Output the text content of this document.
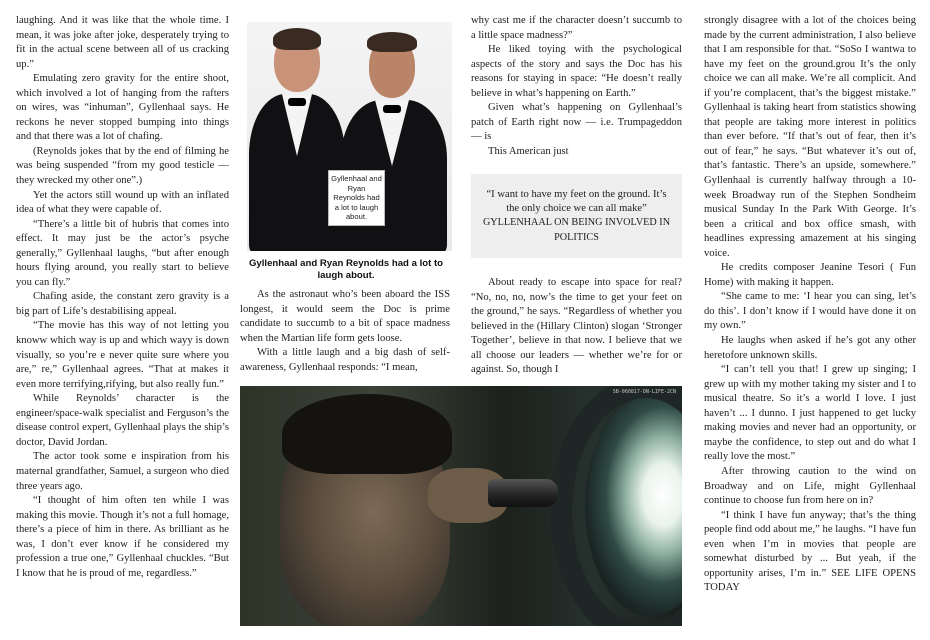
laughing. And it was like that the whole time. I mean, it was joke after joke, desperately trying to fit in the actual scene between all of us cracking up.”

Emulating zero gravity for the entire shoot, which involved a lot of hanging from the rafters on wires, was “inhuman”, Gyllenhaal says. He reckons he never stopped bumping into things and that there was a lot of chafing.

(Reynolds jokes that by the end of filming he was being suspended “from my good testicle — they wrecked my other one”.)

Yet the actors still wound up with an inflated idea of what they were capable of.

“There’s a little bit of hubris that comes into effect. It may just be the actor’s psyche generally,” Gyllenhaal laughs, “but after enough hours flying around, you really start to believe you can fly.”

Chafing aside, the constant zero gravity is a big part of Life’s destabilising appeal.

“The movie has this way of not letting you knoww which way is up and which wayy is down visually, so you’re e never quite sure where you are,” re,” Gyllenhaal agrees. “That at makes it even more terrifying,rifying, but also really fun.”

While Reynolds’ character is the engineer/space-walk specialist and Ferguson’s the disease control expert, Gyllenhaal plays the ship’s doctor, David Jordan.

The actor took some e inspiration from his maternal grandfather, Samuel, a surgeon who died three years ago.

“I thought of him often ten while I was making this movie. Though it’s not a full homage, there’s a piece of him in there. As brilliant as he was, I don’t ever know if he considered my profession a true one,” Gyllenhaal chuckles. “But I know that he is proud of me, regardless.”

Gyllenhaal and Ryan Reynolds had a lot to laugh about.
Gyllenhaal and Ryan Reynolds had a lot to laugh about.

As the astronaut who’s been aboard the ISS longest, it would seem the Doc is prime candidate to succumb to a bit of space madness when the Martian life form gets loose.

With a little laugh and a big dash of self-awareness, Gyllenhaal responds: “I mean,

why cast me if the character doesn’t succumb to a little space madness?”

He liked toying with the psychological aspects of the story and says the Doc has his reasons for staying in space: “He doesn’t really believe in what’s happening on Earth.”

Given what’s happening on Gyllenhaal’s patch of Earth right now — i.e. Trumpageddon — is

This American just

“I want to have my feet on the ground. It’s the only choice we can all make”
GYLLENHAAL ON BEING INVOLVED IN POLITICS

About ready to escape into space for real? “No, no, no, now’s the time to get your feet on the ground,” he says. “Regardless of whether you believed in the (Hillary Clinton) slogan ‘Stronger Together’, believe in that now. I believe that we all choose our leaders — whether we’re for or against. So, though I

strongly disagree with a lot of the choices being made by the current administration, I also believe that I am responsible for that. “SoSo I wantwa to have my feet on the ground.grou It’s the only choice we can all make. We’re all complicit. And if you’re complacent, that’s the biggest mistake.” Gyllenhaal is taking heart from statistics showing that people are taking more interest in politics than ever before. “If that’s out of fear, then it’s out of fear,” he says. “But whatever it’s out of, that’s fantastic. There’s an upside, somewhere.” Gyllenhaal is currently halfway through a 10-week Broadway run of the Stephen Sondheim musical Sunday In the Park With George. It’s been a critical and box office smash, with headlines expressing amazement at his singing voice.

He credits composer Jeanine Tesori ( Fun Home) with making it happen.

“She came to me: ‘I hear you can sing, let’s do this’. I don’t know if I would have done it on my own.”

He laughs when asked if he’s got any other heretofore unknown skills.

“I can’t tell you that! I grew up singing; I grew up with my mother taking my sister and I to musical theatre. So it’s a world I love. I just haven’t ... I dunno. I just happened to get lucky making movies and never had an opportunity, or maybe the confidence, to step out and do what I really love the most.”

After throwing caution to the wind on Broadway and on Life, might Gyllenhaal continue to choose fun from here on in?

“I think I have fun anyway; that’s the thing people find odd about me,” he laughs. “I have fun even when I’m in movies that people are somewhat disturbed by ... But yeah, if the opportunity arises, I’m in.” SEE LIFE OPENS TODAY

SB-060817-DN-LIFE-2CN
